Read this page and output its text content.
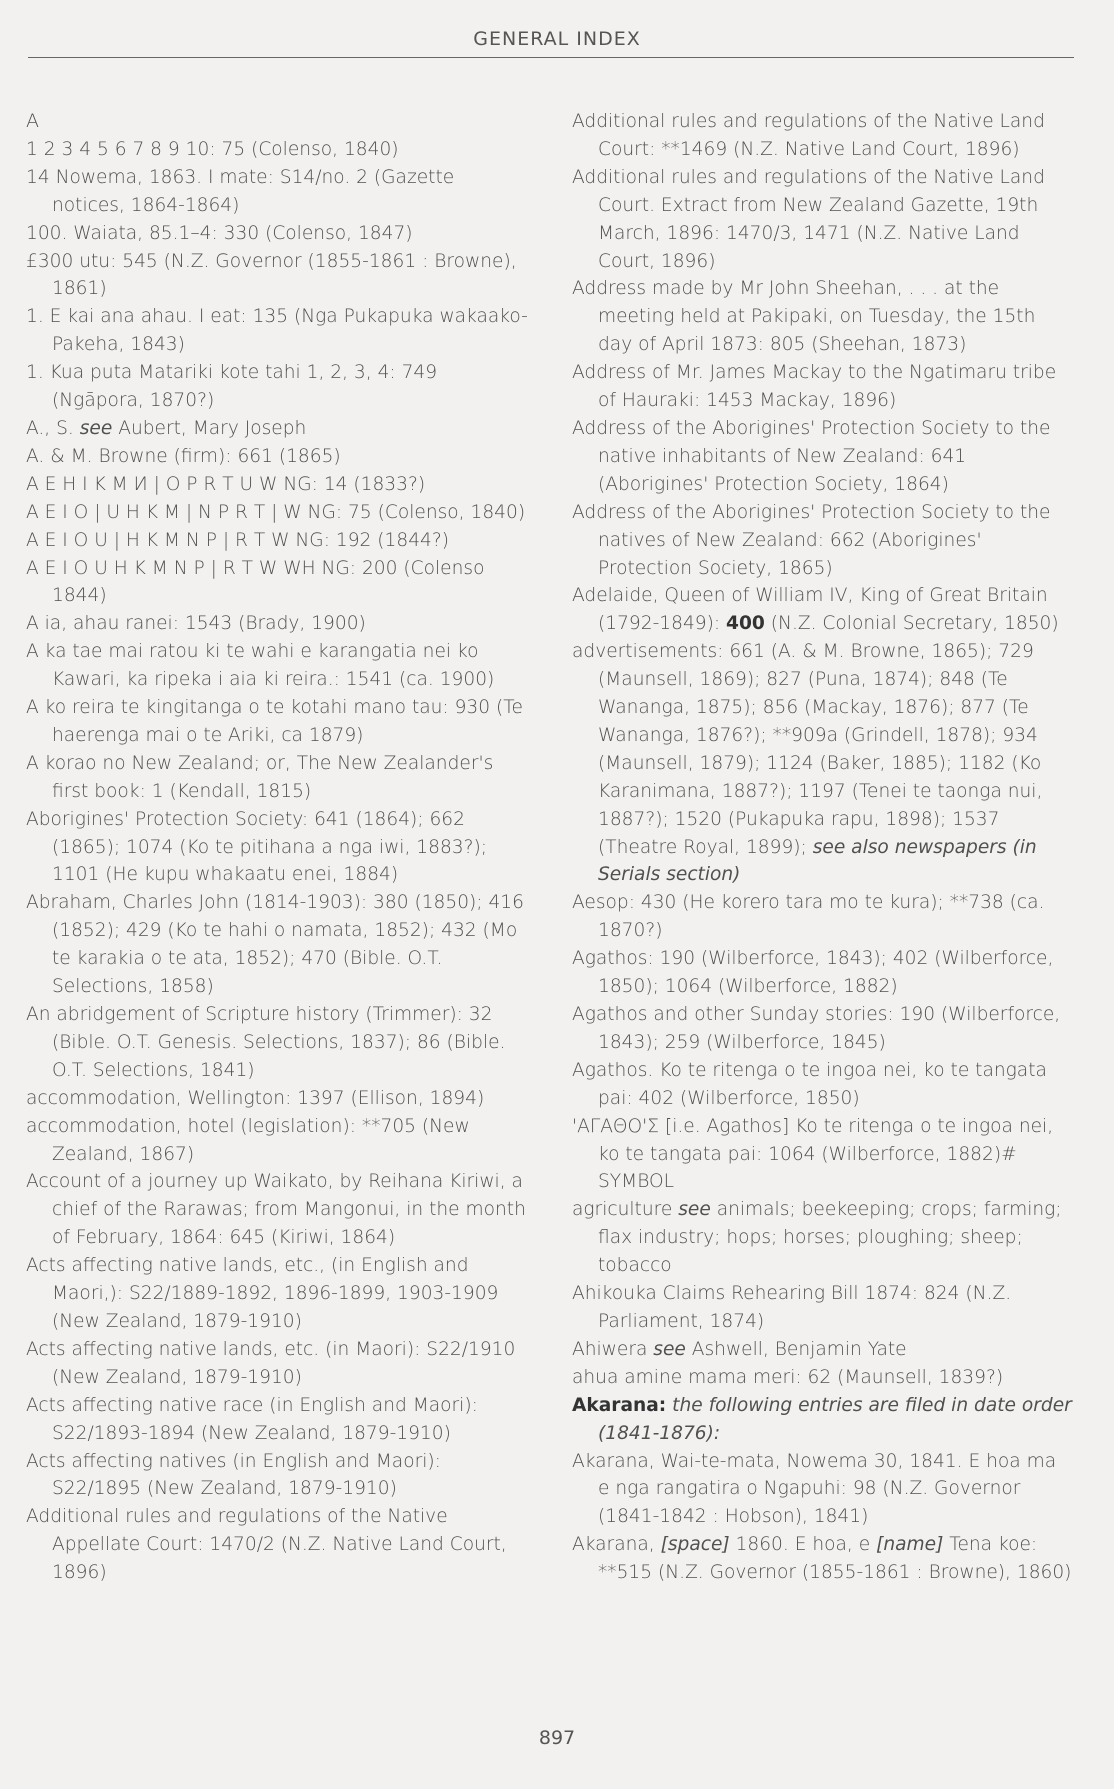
GENERAL INDEX
A

1 2 3 4 5 6 7 8 9 10: 75 (Colenso, 1840)

14 Nowema, 1863. I mate: S14/no. 2 (Gazette notices, 1864-1864)

100. Waiata, 85.1–4: 330 (Colenso, 1847)

£300 utu: 545 (N.Z. Governor (1855-1861 : Browne), 1861)

1. E kai ana ahau. I eat: 135 (Nga Pukapuka wakaako-Pakeha, 1843)

1. Kua puta Matariki kote tahi 1, 2, 3, 4: 749 (Ngāpora, 1870?)

A., S. see Aubert, Mary Joseph

A. & M. Browne (firm): 661 (1865)

A E H I K M И | O P R T U W NG: 14 (1833?)

A E I O | U H K M | N P R T | W NG: 75 (Colenso, 1840)

A E I O U | H K M N P | R T W NG: 192 (1844?)

A E I O U H K M N P | R T W WH NG: 200 (Colenso 1844)

A ia, ahau ranei: 1543 (Brady, 1900)

A ka tae mai ratou ki te wahi e karangatia nei ko Kawari, ka ripeka i aia ki reira.: 1541 (ca. 1900)

A ko reira te kingitanga o te kotahi mano tau: 930 (Te haerenga mai o te Ariki, ca 1879)

A korao no New Zealand; or, The New Zealander's first book: 1 (Kendall, 1815)

Aborigines' Protection Society: 641 (1864); 662 (1865); 1074 (Ko te pitihana a nga iwi, 1883?); 1101 (He kupu whakaatu enei, 1884)

Abraham, Charles John (1814-1903): 380 (1850); 416 (1852); 429 (Ko te hahi o namata, 1852); 432 (Mo te karakia o te ata, 1852); 470 (Bible. O.T. Selections, 1858)

An abridgement of Scripture history (Trimmer): 32 (Bible. O.T. Genesis. Selections, 1837); 86 (Bible. O.T. Selections, 1841)

accommodation, Wellington: 1397 (Ellison, 1894)

accommodation, hotel (legislation): **705 (New Zealand, 1867)

Account of a journey up Waikato, by Reihana Kiriwi, a chief of the Rarawas; from Mangonui, in the month of February, 1864: 645 (Kiriwi, 1864)

Acts affecting native lands, etc., (in English and Maori,): S22/1889-1892, 1896-1899, 1903-1909 (New Zealand, 1879-1910)

Acts affecting native lands, etc. (in Maori): S22/1910 (New Zealand, 1879-1910)

Acts affecting native race (in English and Maori): S22/1893-1894 (New Zealand, 1879-1910)

Acts affecting natives (in English and Maori): S22/1895 (New Zealand, 1879-1910)

Additional rules and regulations of the Native Appellate Court: 1470/2 (N.Z. Native Land Court, 1896)

Additional rules and regulations of the Native Land Court: **1469 (N.Z. Native Land Court, 1896)

Additional rules and regulations of the Native Land Court. Extract from New Zealand Gazette, 19th March, 1896: 1470/3, 1471 (N.Z. Native Land Court, 1896)

Address made by Mr John Sheehan, . . . at the meeting held at Pakipaki, on Tuesday, the 15th day of April 1873: 805 (Sheehan, 1873)

Address of Mr. James Mackay to the Ngatimaru tribe of Hauraki: 1453 Mackay, 1896)

Address of the Aborigines' Protection Society to the native inhabitants of New Zealand: 641 (Aborigines' Protection Society, 1864)

Address of the Aborigines' Protection Society to the natives of New Zealand: 662 (Aborigines' Protection Society, 1865)

Adelaide, Queen of William IV, King of Great Britain (1792-1849): 400 (N.Z. Colonial Secretary, 1850)

advertisements: 661 (A. & M. Browne, 1865); 729 (Maunsell, 1869); 827 (Puna, 1874); 848 (Te Wananga, 1875); 856 (Mackay, 1876); 877 (Te Wananga, 1876?); **909a (Grindell, 1878); 934 (Maunsell, 1879); 1124 (Baker, 1885); 1182 (Ko Karanimana, 1887?); 1197 (Tenei te taonga nui, 1887?); 1520 (Pukapuka rapu, 1898); 1537 (Theatre Royal, 1899); see also newspapers (in Serials section)

Aesop: 430 (He korero tara mo te kura); **738 (ca. 1870?)

Agathos: 190 (Wilberforce, 1843); 402 (Wilberforce, 1850); 1064 (Wilberforce, 1882)

Agathos and other Sunday stories: 190 (Wilberforce, 1843); 259 (Wilberforce, 1845)

Agathos. Ko te ritenga o te ingoa nei, ko te tangata pai: 402 (Wilberforce, 1850)

'ΑΓΑΘΟ'Σ [i.e. Agathos] Ko te ritenga o te ingoa nei, ko te tangata pai: 1064 (Wilberforce, 1882)# SYMBOL

agriculture see animals; beekeeping; crops; farming; flax industry; hops; horses; ploughing; sheep; tobacco

Ahikouka Claims Rehearing Bill 1874: 824 (N.Z. Parliament, 1874)

Ahiwera see Ashwell, Benjamin Yate

ahua amine mama meri: 62 (Maunsell, 1839?)

Akarana: the following entries are filed in date order (1841-1876):

Akarana, Wai-te-mata, Nowema 30, 1841. E hoa ma e nga rangatira o Ngapuhi: 98 (N.Z. Governor (1841-1842 : Hobson), 1841)

Akarana, [space] 1860. E hoa, e [name] Tena koe: **515 (N.Z. Governor (1855-1861 : Browne), 1860)

897
